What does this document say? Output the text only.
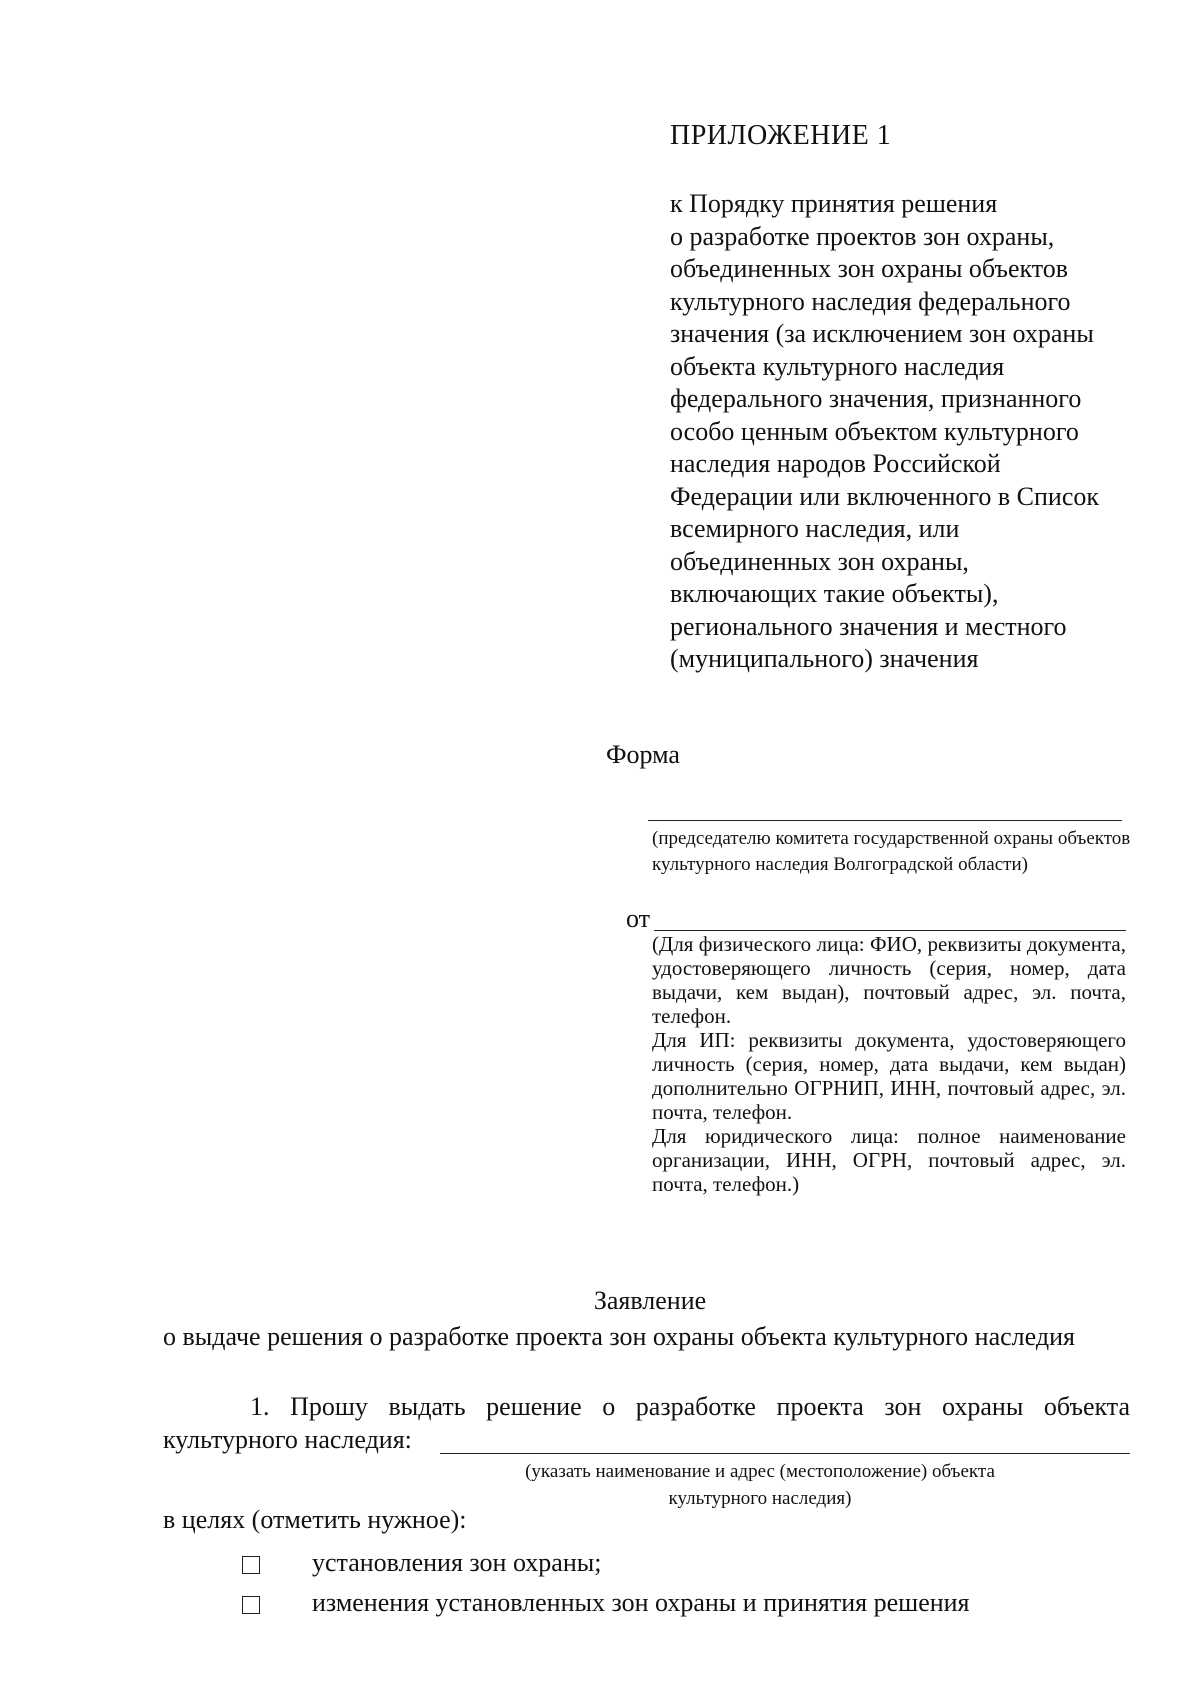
ПРИЛОЖЕНИЕ 1
к Порядку принятия решения
о разработке проектов зон охраны,
объединенных зон охраны объектов
культурного наследия федерального
значения (за исключением зон охраны
объекта культурного наследия
федерального значения, признанного
особо ценным объектом культурного
наследия народов Российской
Федерации или включенного в Список
всемирного наследия, или
объединенных зон охраны,
включающих такие объекты),
регионального значения и местного
(муниципального) значения
Форма
(председателю комитета государственной охраны объектов культурного наследия Волгоградской области)
от

(Для физического лица: ФИО, реквизиты документа, удостоверяющего личность (серия, номер, дата выдачи, кем выдан), почтовый адрес, эл. почта, телефон.

Для ИП: реквизиты документа, удостоверяющего личность (серия, номер, дата выдачи, кем выдан) дополнительно ОГРНИП, ИНН, почтовый адрес, эл. почта, телефон.

Для юридического лица: полное наименование организации, ИНН, ОГРН, почтовый адрес, эл. почта, телефон.)

Заявление
о выдаче решения о разработке проекта зон охраны объекта культурного наследия
1. Прошу выдать решение о разработке проекта зон охраны объекта
культурного наследия:
(указать наименование и адрес (местоположение) объекта
культурного наследия)
в целях (отметить нужное):
установления зон охраны;
изменения установленных зон охраны и принятия решения
